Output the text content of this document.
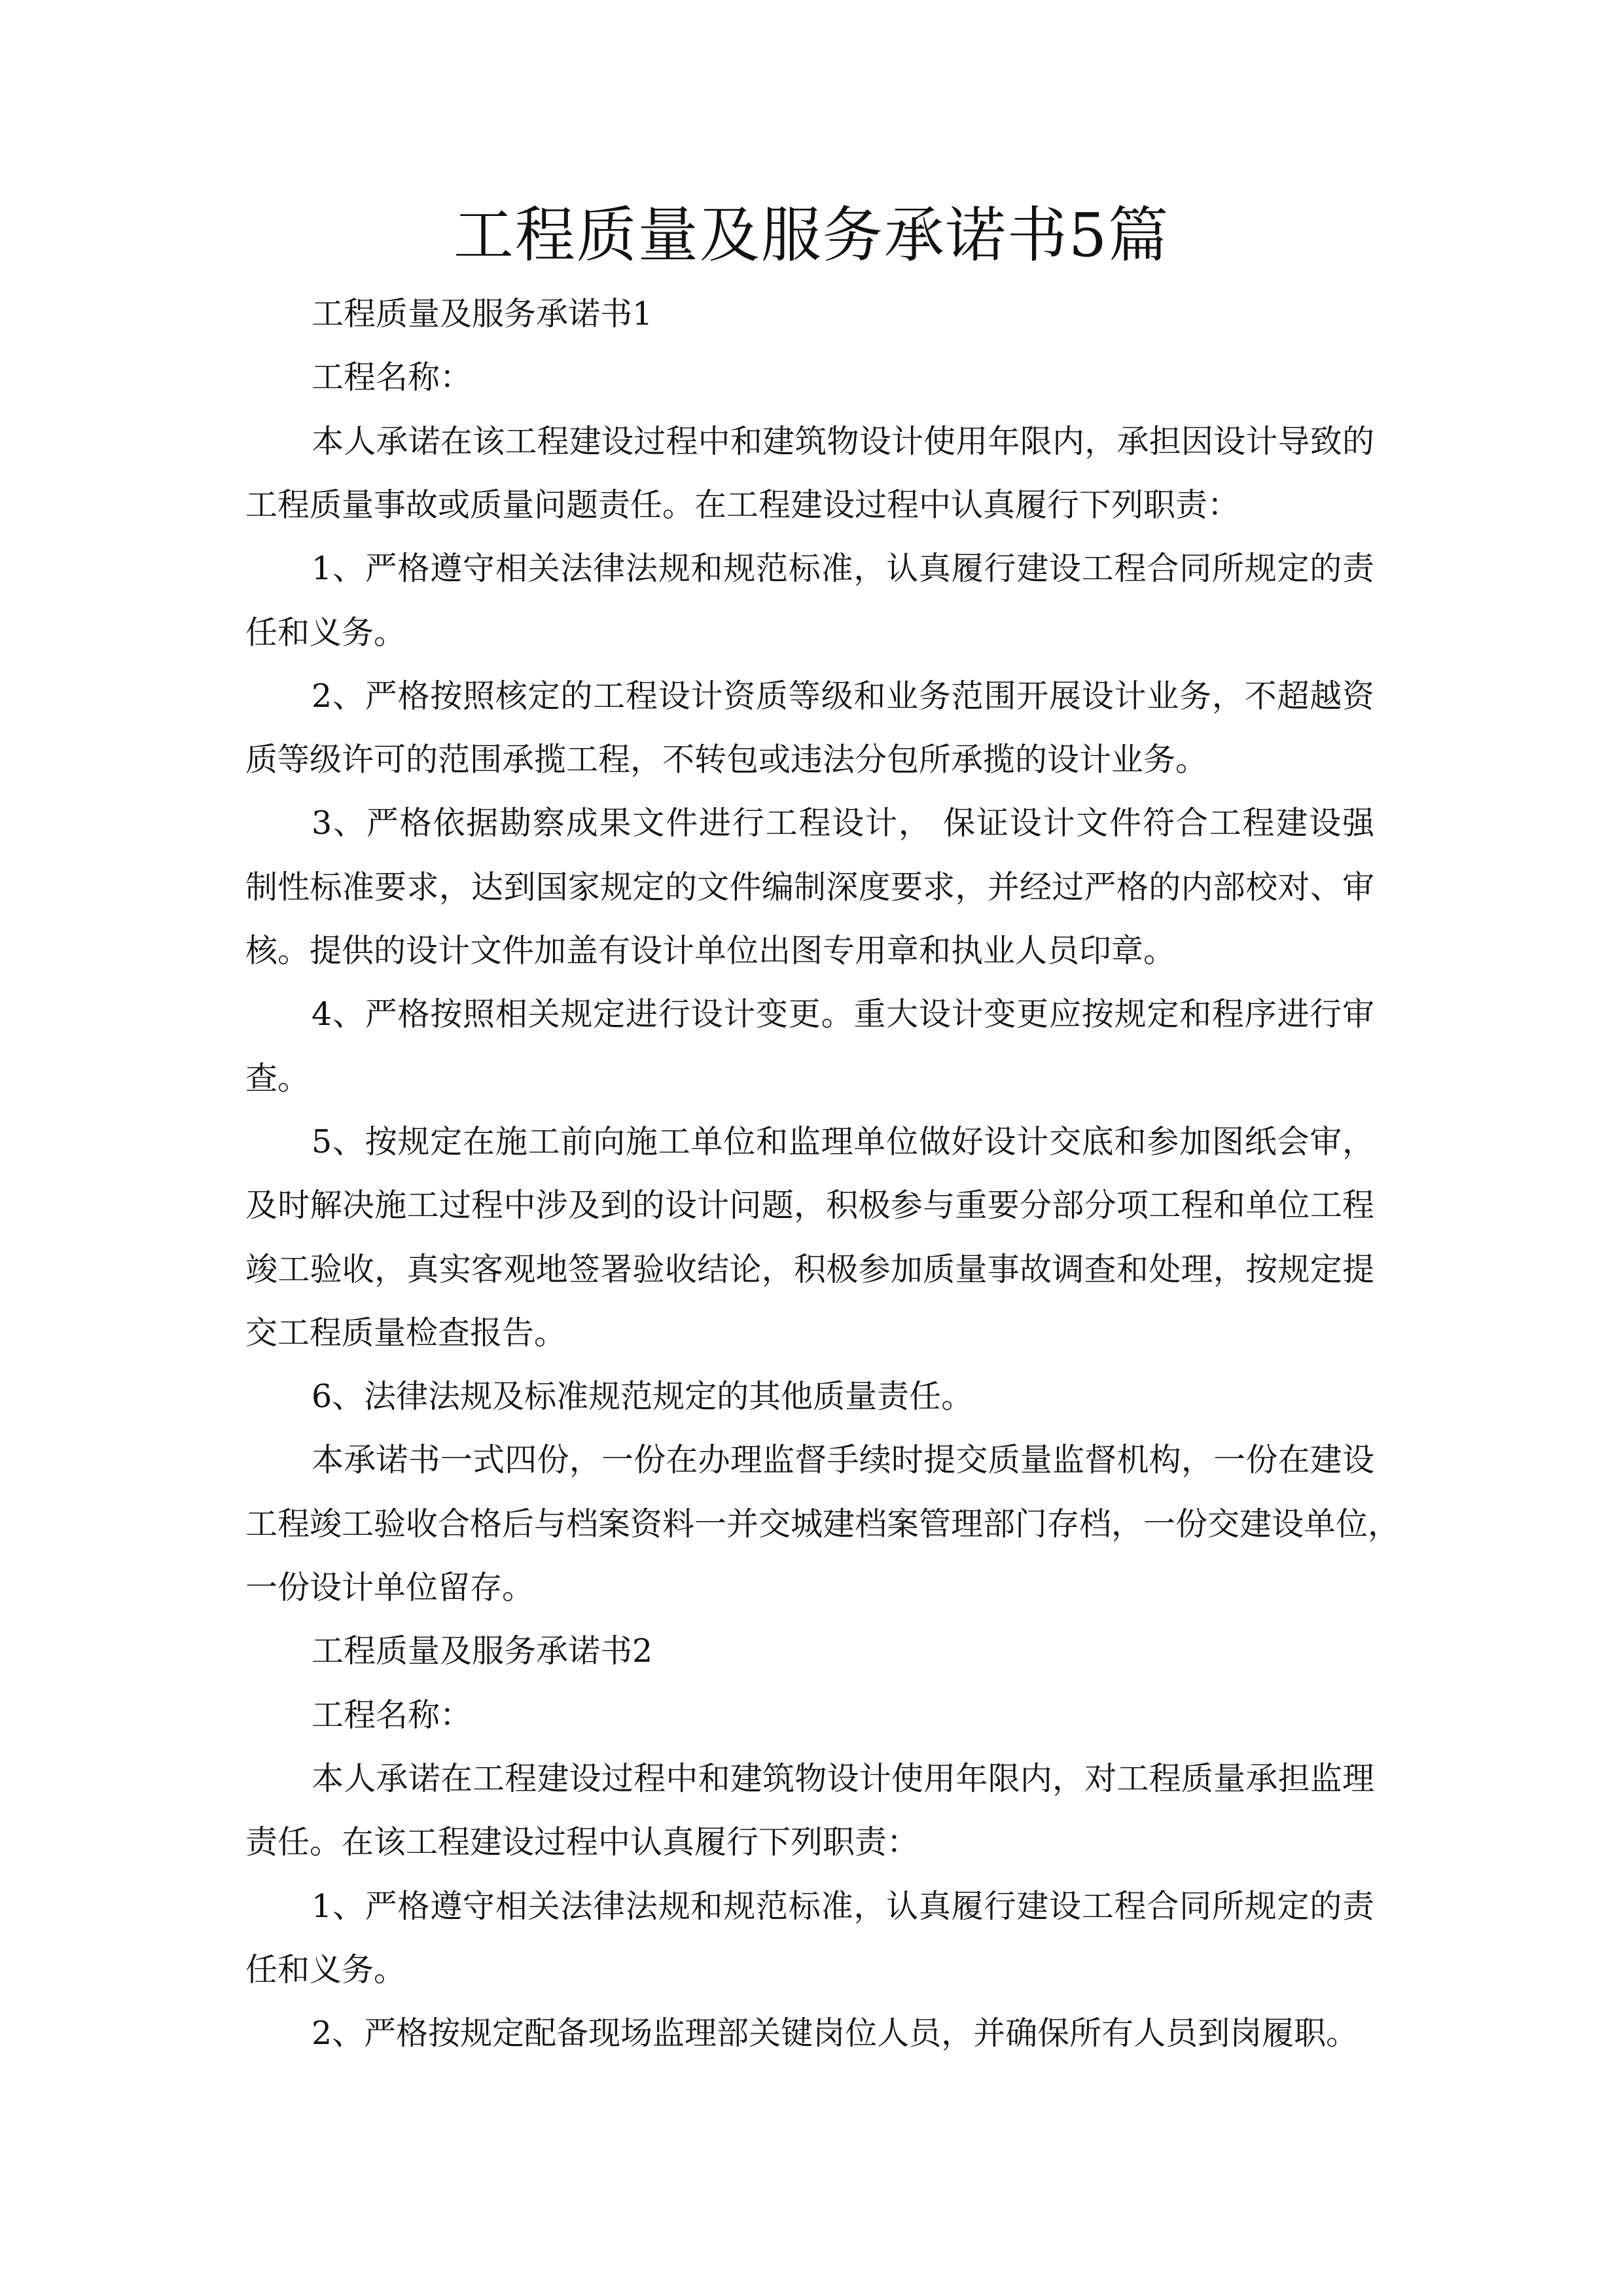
工程质量及服务承诺书5篇
工程质量及服务承诺书1
工程名称：
本人承诺在该工程建设过程中和建筑物设计使用年限内，承担因设计导致的
工程质量事故或质量问题责任。在工程建设过程中认真履行下列职责：
1、严格遵守相关法律法规和规范标准，认真履行建设工程合同所规定的责
任和义务。
2、严格按照核定的工程设计资质等级和业务范围开展设计业务，不超越资
质等级许可的范围承揽工程，不转包或违法分包所承揽的设计业务。
3、严格依据勘察成果文件进行工程设计， 保证设计文件符合工程建设强
制性标准要求，达到国家规定的文件编制深度要求，并经过严格的内部校对、审
核。提供的设计文件加盖有设计单位出图专用章和执业人员印章。
4、严格按照相关规定进行设计变更。重大设计变更应按规定和程序进行审
查。
5、按规定在施工前向施工单位和监理单位做好设计交底和参加图纸会审，
及时解决施工过程中涉及到的设计问题，积极参与重要分部分项工程和单位工程
竣工验收，真实客观地签署验收结论，积极参加质量事故调查和处理，按规定提
交工程质量检查报告。
6、法律法规及标准规范规定的其他质量责任。
本承诺书一式四份，一份在办理监督手续时提交质量监督机构，一份在建设
工程竣工验收合格后与档案资料一并交城建档案管理部门存档，一份交建设单位，
一份设计单位留存。
工程质量及服务承诺书2
工程名称：
本人承诺在工程建设过程中和建筑物设计使用年限内，对工程质量承担监理
责任。在该工程建设过程中认真履行下列职责：
1、严格遵守相关法律法规和规范标准，认真履行建设工程合同所规定的责
任和义务。
2、严格按规定配备现场监理部关键岗位人员，并确保所有人员到岗履职。
